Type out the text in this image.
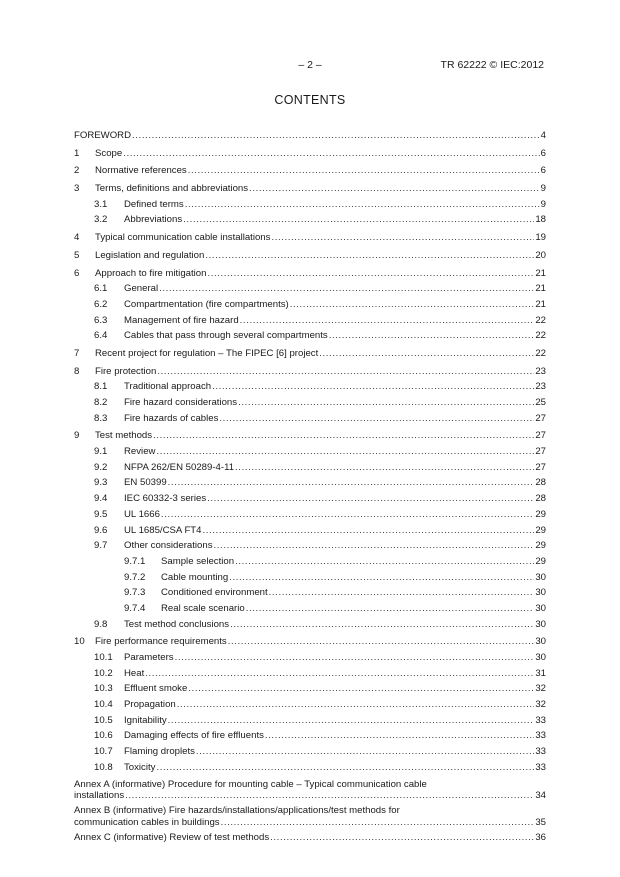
– 2 –	TR 62222 © IEC:2012
CONTENTS
FOREWORD .....	4
1	Scope .....	6
2	Normative references .....	6
3	Terms, definitions and abbreviations .....	9
3.1	Defined terms .....	9
3.2	Abbreviations .....	18
4	Typical communication cable installations .....	19
5	Legislation and regulation .....	20
6	Approach to fire mitigation .....	21
6.1	General .....	21
6.2	Compartmentation (fire compartments) .....	21
6.3	Management of fire hazard .....	22
6.4	Cables that pass through several compartments .....	22
7	Recent project for regulation – The FIPEC [6] project .....	22
8	Fire protection .....	23
8.1	Traditional approach .....	23
8.2	Fire hazard considerations .....	25
8.3	Fire hazards of cables .....	27
9	Test methods .....	27
9.1	Review .....	27
9.2	NFPA 262/EN 50289-4-11 .....	27
9.3	EN 50399 .....	28
9.4	IEC 60332-3 series .....	28
9.5	UL 1666 .....	29
9.6	UL 1685/CSA FT4 .....	29
9.7	Other considerations .....	29
9.7.1	Sample selection .....	29
9.7.2	Cable mounting .....	30
9.7.3	Conditioned environment .....	30
9.7.4	Real scale scenario .....	30
9.8	Test method conclusions .....	30
10	Fire performance requirements .....	30
10.1	Parameters .....	30
10.2	Heat .....	31
10.3	Effluent smoke .....	32
10.4	Propagation .....	32
10.5	Ignitability .....	33
10.6	Damaging effects of fire effluents .....	33
10.7	Flaming droplets .....	33
10.8	Toxicity .....	33
Annex A (informative) Procedure for mounting cable – Typical communication cable
installations .....	34
Annex B (informative) Fire hazards/installations/applications/test methods for
communication cables in buildings .....	35
Annex C (informative) Review of test methods .....	36
